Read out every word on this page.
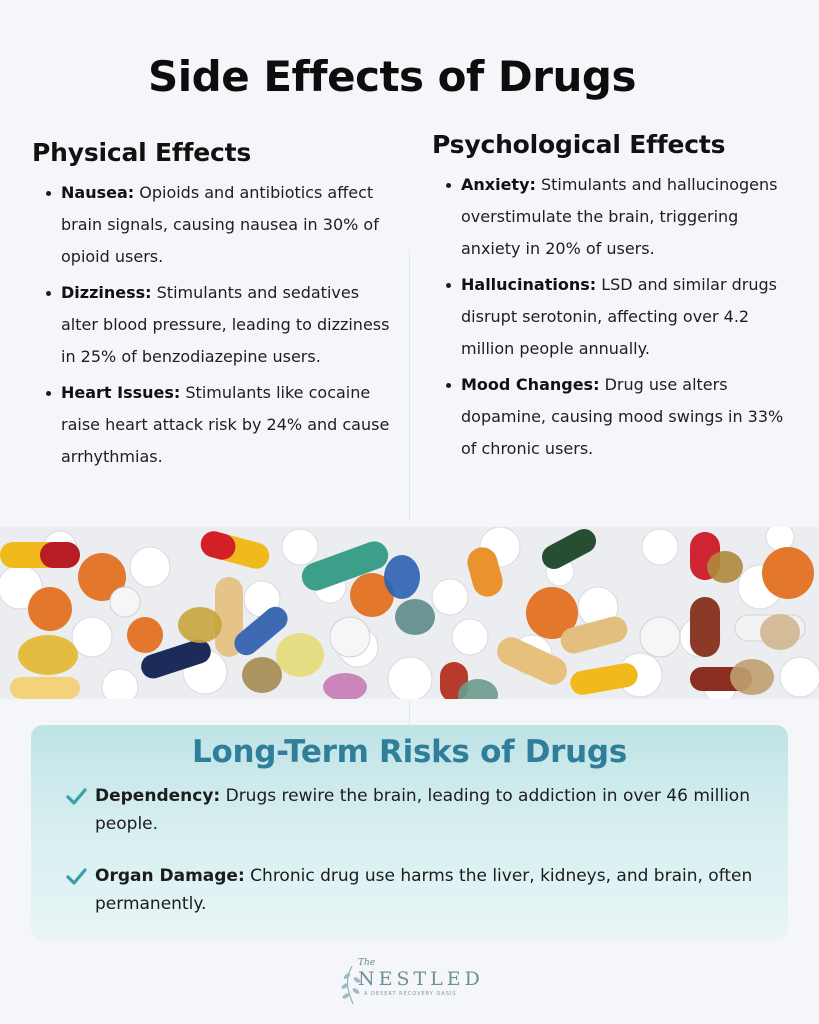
Side Effects of Drugs
Physical Effects
Nausea: Opioids and antibiotics affect brain signals, causing nausea in 30% of opioid users.
Dizziness: Stimulants and sedatives alter blood pressure, leading to dizziness in 25% of benzodiazepine users.
Heart Issues: Stimulants like cocaine raise heart attack risk by 24% and cause arrhythmias.
Psychological Effects
Anxiety: Stimulants and hallucinogens overstimulate the brain, triggering anxiety in 20% of users.
Hallucinations: LSD and similar drugs disrupt serotonin, affecting over 4.2 million people annually.
Mood Changes: Drug use alters dopamine, causing mood swings in 33% of chronic users.
Long-Term Risks of Drugs
Dependency: Drugs rewire the brain, leading to addiction in over 46 million people.
Organ Damage: Chronic drug use harms the liver, kidneys, and brain, often permanently.
The
NESTLED
A DESERT RECOVERY OASIS
